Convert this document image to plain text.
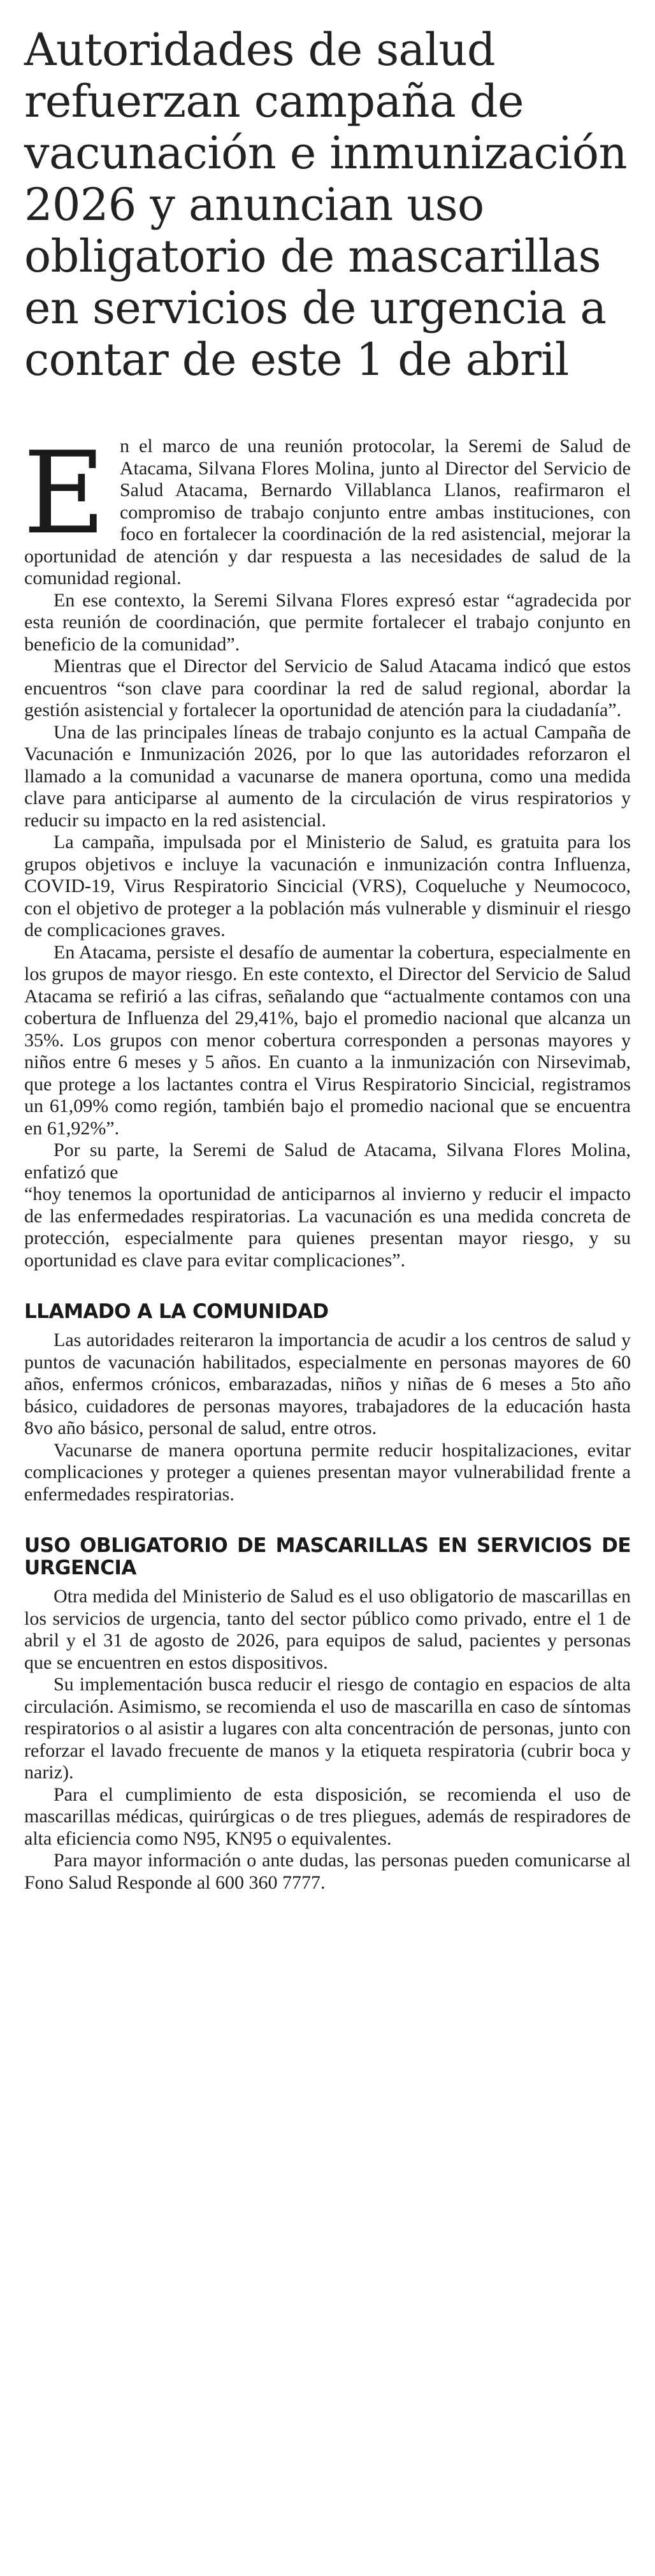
Autoridades de salud refuerzan campaña de vacunación e inmunización 2026 y anuncian uso obligatorio de mascarillas en servicios de urgencia a contar de este 1 de abril

En el marco de una reunión protocolar, la Seremi de Salud de Atacama, Silvana Flores Molina, junto al Director del Servicio de Salud Atacama, Bernardo Villablanca Llanos, reafirmaron el compromiso de trabajo conjunto entre ambas instituciones, con foco en fortalecer la coordinación de la red asistencial, mejorar la oportunidad de atención y dar respuesta a las necesidades de salud de la comunidad regional.

En ese contexto, la Seremi Silvana Flores expresó estar “agradecida por esta reunión de coordinación, que permite fortalecer el trabajo conjunto en beneficio de la comunidad”.

Mientras que el Director del Servicio de Salud Atacama indicó que estos encuentros “son clave para coordinar la red de salud regional, abordar la gestión asistencial y fortalecer la oportunidad de atención para la ciudadanía”.

Una de las principales líneas de trabajo conjunto es la actual Campaña de Vacunación e Inmunización 2026, por lo que las autoridades reforzaron el llamado a la comunidad a vacunarse de manera oportuna, como una medida clave para anticiparse al aumento de la circulación de virus respiratorios y reducir su impacto en la red asistencial.

La campaña, impulsada por el Ministerio de Salud, es gratuita para los grupos objetivos e incluye la vacunación e inmunización contra Influenza, COVID-19, Virus Respiratorio Sincicial (VRS), Coqueluche y Neumococo, con el objetivo de proteger a la población más vulnerable y disminuir el riesgo de complicaciones graves.

En Atacama, persiste el desafío de aumentar la cobertura, especialmente en los grupos de mayor riesgo. En este contexto, el Director del Servicio de Salud Atacama se refirió a las cifras, señalando que “actualmente contamos con una cobertura de Influenza del 29,41%, bajo el promedio nacional que alcanza un 35%. Los grupos con menor cobertura corresponden a personas mayores y niños entre 6 meses y 5 años. En cuanto a la inmunización con Nirsevimab, que protege a los lactantes contra el Virus Respiratorio Sincicial, registramos un 61,09% como región, también bajo el promedio nacional que se encuentra en 61,92%”.

Por su parte, la Seremi de Salud de Atacama, Silvana Flores Molina, enfatizó que

“hoy tenemos la oportunidad de anticiparnos al invierno y reducir el impacto de las enfermedades respiratorias. La vacunación es una medida concreta de protección, especialmente para quienes presentan mayor riesgo, y su oportunidad es clave para evitar complicaciones”.

LLAMADO A LA COMUNIDAD

Las autoridades reiteraron la importancia de acudir a los centros de salud y puntos de vacunación habilitados, especialmente en personas mayores de 60 años, enfermos crónicos, embarazadas, niños y niñas de 6 meses a 5to año básico, cuidadores de personas mayores, trabajadores de la educación hasta 8vo año básico, personal de salud, entre otros.

Vacunarse de manera oportuna permite reducir hospitalizaciones, evitar complicaciones y proteger a quienes presentan mayor vulnerabilidad frente a enfermedades respiratorias.

USO OBLIGATORIO DE MASCARILLAS EN SERVICIOS DE URGENCIA

Otra medida del Ministerio de Salud es el uso obligatorio de mascarillas en los servicios de urgencia, tanto del sector público como privado, entre el 1 de abril y el 31 de agosto de 2026, para equipos de salud, pacientes y personas que se encuentren en estos dispositivos.

Su implementación busca reducir el riesgo de contagio en espacios de alta circulación. Asimismo, se recomienda el uso de mascarilla en caso de síntomas respiratorios o al asistir a lugares con alta concentración de personas, junto con reforzar el lavado frecuente de manos y la etiqueta respiratoria (cubrir boca y nariz).

Para el cumplimiento de esta disposición, se recomienda el uso de mascarillas médicas, quirúrgicas o de tres pliegues, además de respiradores de alta eficiencia como N95, KN95 o equivalentes.

Para mayor información o ante dudas, las personas pueden comunicarse al Fono Salud Responde al 600 360 7777.
